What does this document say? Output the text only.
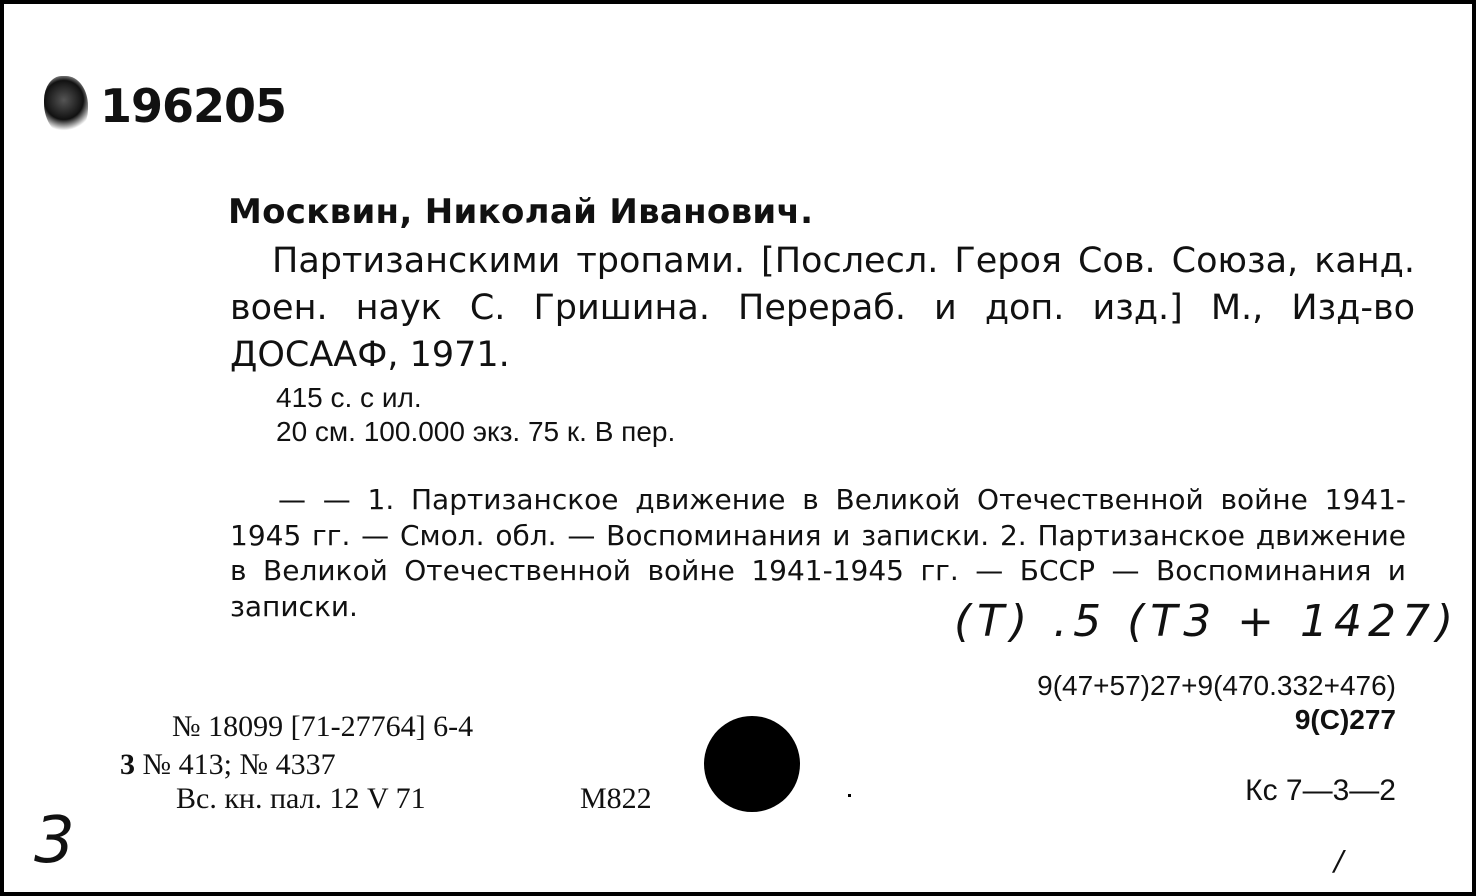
196205
Москвин, Николай Иванович.
Партизанскими тропами. [Послесл. Героя Сов. Союза, канд. воен. наук С. Гришина. Перераб. и доп. изд.] М., Изд-во ДОСААФ, 1971.
415 с. с ил.
20 см. 100.000 экз. 75 к. В пер.
— — 1. Партизанское движение в Великой Отечественной войне 1941-1945 гг. — Смол. обл. — Воспоминания и записки. 2. Партизанское движение в Великой Отечественной войне 1941-1945 гг. — БССР — Воспоминания и записки.	(Т) .5 (Т3 + 1427)
9(47+57)27+9(470.332+476)
9(С)277
№ 18099 [71-27764] 6-4
3 № 413; № 4337
Вс. кн. пал. 12 V 71	М822	Кс 7—3—2
3	/
